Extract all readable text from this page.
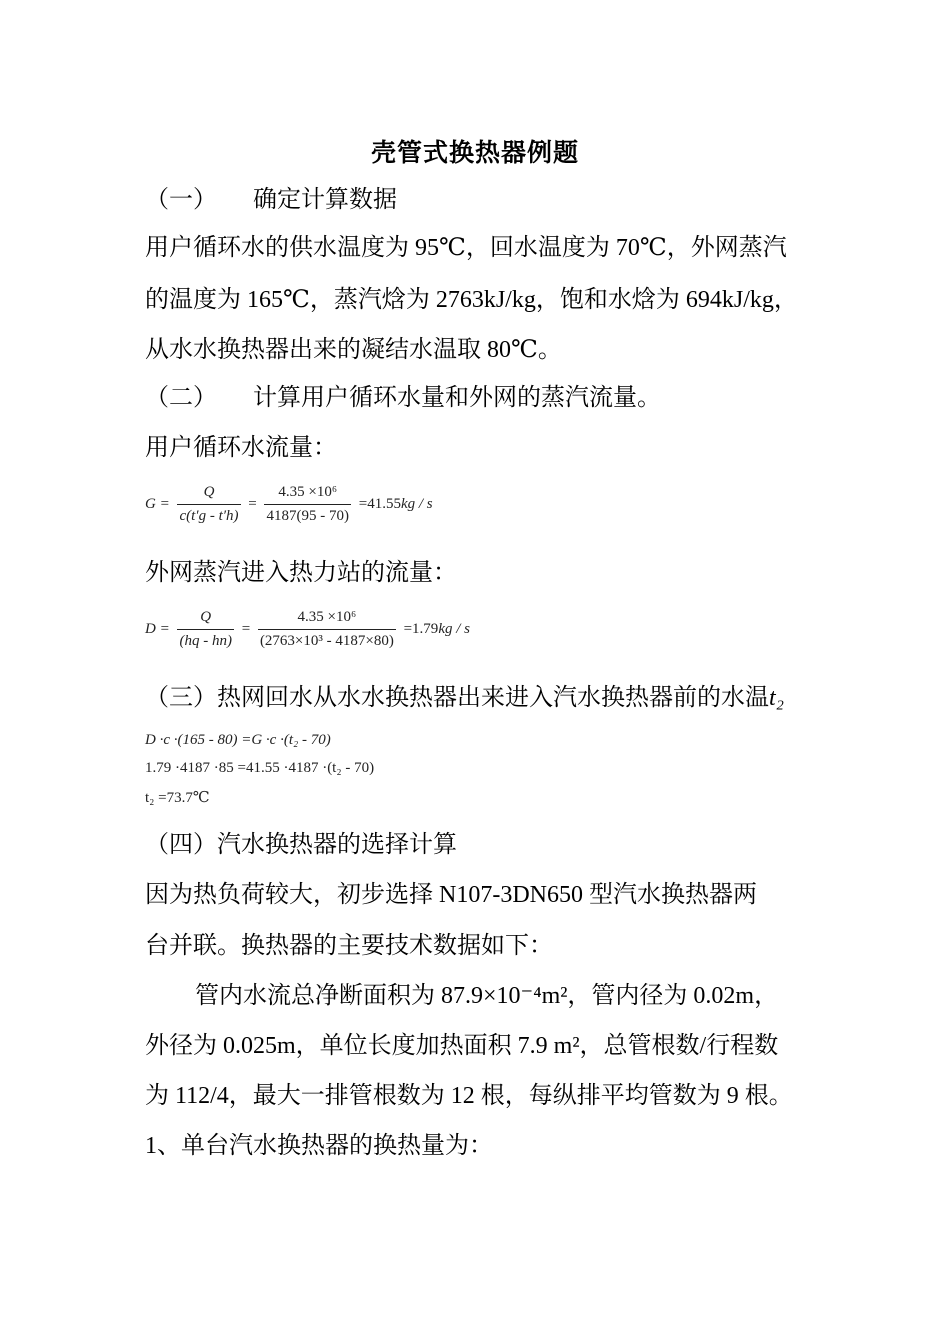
壳管式换热器例题
（一） 确定计算数据
用户循环水的供水温度为 95℃，回水温度为 70℃，外网蒸汽
的温度为 165℃，蒸汽焓为 2763kJ/kg，饱和水焓为 694kJ/kg，
从水水换热器出来的凝结水温取 80℃。
（二） 计算用户循环水量和外网的蒸汽流量。
用户循环水流量：
$G = \frac{Q}{c(t'g - t'h)} = \frac{\text{4.35 ×10⁶}}{4187(95 - 70)} =41.55kg / s$
外网蒸汽进入热力站的流量：
$D = \frac{Q}{(hq - hn)} = \frac{\text{4.35 ×10⁶}}{\text{(2763×10³ - 4187×80)}} =1.79kg / s$
（三）热网回水从水水换热器出来进入汽水换热器前的水温t₂
D ·c ·(165 - 80) =G ·c ·(t₂ - 70)
1.79 ·4187 ·85 =41.55 ·4187 ·(t₂ - 70)
t₂ =73.7℃
（四）汽水换热器的选择计算
因为热负荷较大，初步选择 N107-3DN650 型汽水换热器两
台并联。换热器的主要技术数据如下：
管内水流总净断面积为 87.9×10⁻⁴m²，管内径为 0.02m，
外径为 0.025m，单位长度加热面积 7.9 m²，总管根数/行程数
为 112/4，最大一排管根数为 12 根，每纵排平均管数为 9 根。
1、单台汽水换热器的换热量为：
